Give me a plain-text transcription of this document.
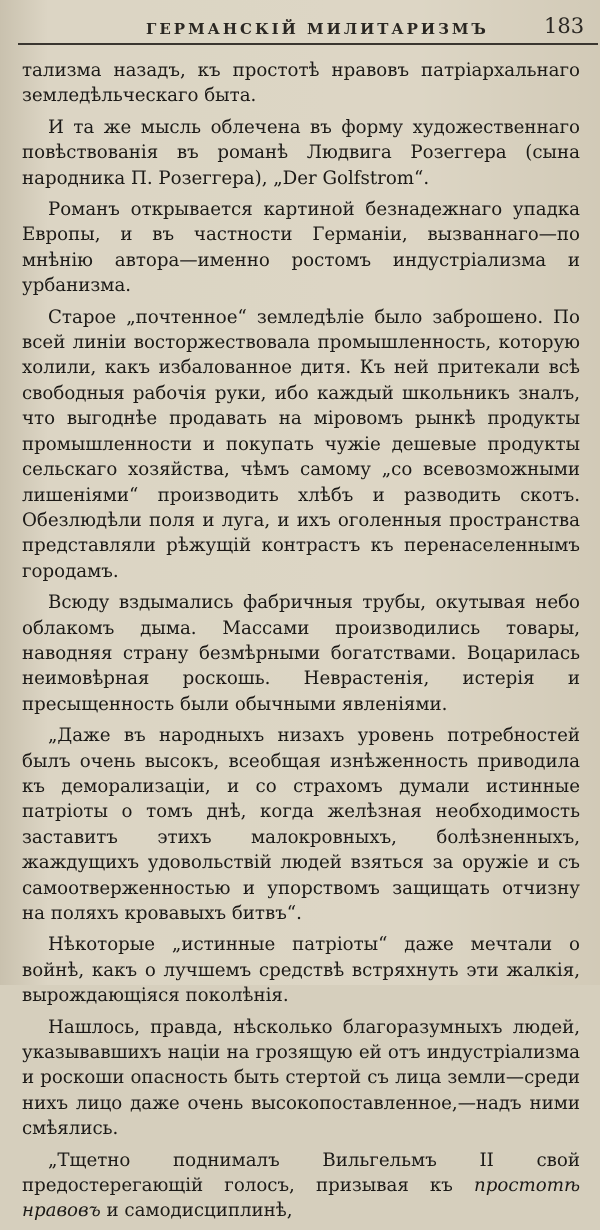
ГЕРМАНСКIЙ МИЛИТАРИЗМЪ	183

тализма назадъ, къ простотѣ нравовъ патрiархальнаго земледѣльческаго быта.

И та же мысль облечена въ форму художественнаго повѣствованiя въ романѣ Людвига Розеггера (сына народника П. Розеггера), „Der Golfstrom“.

Романъ открывается картиной безнадежнаго упадка Европы, и въ частности Германiи, вызваннаго—по мнѣнiю автора—именно ростомъ индустрiализма и урбанизма.

Старое „почтенное“ земледѣлiе было заброшено. По всей линiи восторжествовала промышленность, которую холили, какъ избалованное дитя. Къ ней притекали всѣ свободныя рабочiя руки, ибо каждый школьникъ зналъ, что выгоднѣе продавать на мiровомъ рынкѣ продукты промышленности и покупать чужiе дешевые продукты сельскаго хозяйства, чѣмъ самому „со всевозможными лишенiями“ производить хлѣбъ и разводить скотъ. Обезлюдѣли поля и луга, и ихъ оголенныя пространства представляли рѣжущiй контрастъ къ перенаселеннымъ городамъ.

Всюду вздымались фабричныя трубы, окутывая небо облакомъ дыма. Массами производились товары, наводняя страну безмѣрными богатствами. Воцарилась неимовѣрная роскошь. Неврастенiя, истерiя и пресыщенность были обычными явленiями.

„Даже въ народныхъ низахъ уровень потребностей былъ очень высокъ, всеобщая изнѣженность приводила къ деморализацiи, и со страхомъ думали истинные патрiоты о томъ днѣ, когда желѣзная необходимость заставитъ этихъ малокровныхъ, болѣзненныхъ, жаждущихъ удовольствiй людей взяться за оружiе и съ самоотверженностью и упорствомъ защищать отчизну на поляхъ кровавыхъ битвъ“.

Нѣкоторые „истинные патрiоты“ даже мечтали о войнѣ, какъ о лучшемъ средствѣ встряхнуть эти жалкiя, вырождающiяся поколѣнiя.

Нашлось, правда, нѣсколько благоразумныхъ людей, указывавшихъ нацiи на грозящую ей отъ индустрiализма и роскоши опасность быть стертой съ лица земли—среди нихъ лицо даже очень высокопоставленное,—надъ ними смѣялись.

„Тщетно поднималъ Вильгельмъ II свой предостерегающiй голосъ, призывая къ простотѣ нравовъ и самодисциплинѣ,
